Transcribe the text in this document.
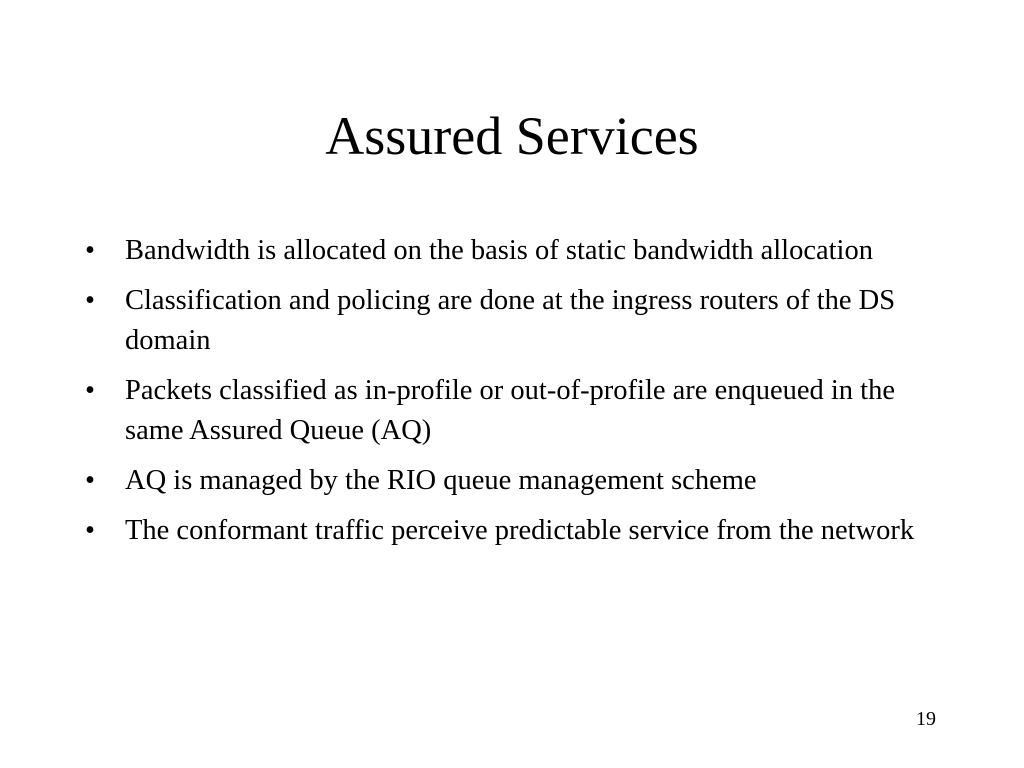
Assured Services
•	Bandwidth is allocated on the basis of static bandwidth allocation
•	Classification and policing are done at the ingress routers of the DS domain
•	Packets classified as in-profile or out-of-profile are enqueued in the same Assured Queue (AQ)
•	AQ is managed by the RIO queue management scheme
•	The conformant traffic perceive predictable service from the network
19
